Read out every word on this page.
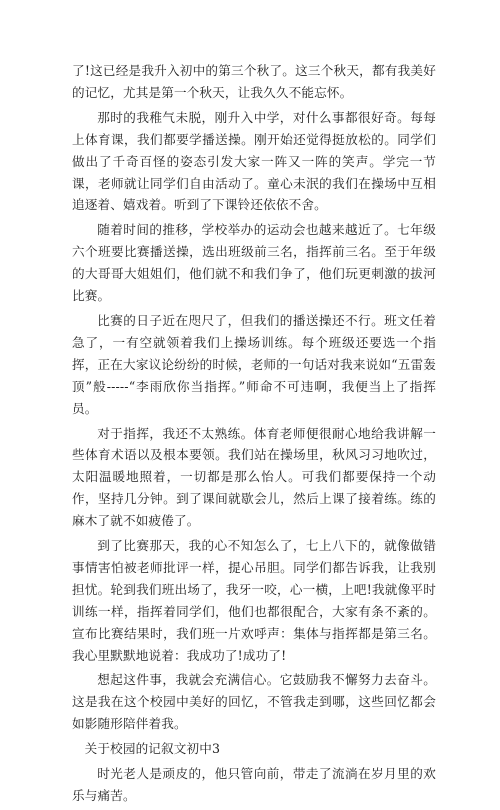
了!这已经是我升入初中的第三个秋了。这三个秋天，都有我美好的记忆，尤其是第一个秋天，让我久久不能忘怀。

那时的我稚气未脱，刚升入中学，对什么事都很好奇。每每上体育课，我们都要学播送操。刚开始还觉得挺放松的。同学们做出了千奇百怪的姿态引发大家一阵又一阵的笑声。学完一节课，老师就让同学们自由活动了。童心未泯的我们在操场中互相追逐着、嬉戏着。听到了下课铃还依依不舍。

随着时间的推移，学校举办的运动会也越来越近了。七年级六个班要比赛播送操，选出班级前三名，指挥前三名。至于年级的大哥哥大姐姐们，他们就不和我们争了，他们玩更刺激的拔河比赛。

比赛的日子近在咫尺了，但我们的播送操还不行。班文任着急了，一有空就领着我们上操场训练。每个班级还要选一个指挥，正在大家议论纷纷的时候，老师的一句话对我来说如“五雷轰顶”般-----“李雨欣你当指挥。”师命不可违啊，我便当上了指挥员。

对于指挥，我还不太熟练。体育老师便很耐心地给我讲解一些体育术语以及根本要领。我们站在操场里，秋风习习地吹过，太阳温暖地照着，一切都是那么怡人。可我们都要保持一个动作，坚持几分钟。到了课间就歇会儿，然后上课了接着练。练的麻木了就不如疲倦了。

到了比赛那天，我的心不知怎么了，七上八下的，就像做错事情害怕被老师批评一样，提心吊胆。同学们都告诉我，让我别担忧。轮到我们班出场了，我牙一咬，心一横，上吧!我就像平时训练一样，指挥着同学们，他们也都很配合，大家有条不紊的。宣布比赛结果时，我们班一片欢呼声：集体与指挥都是第三名。我心里默默地说着：我成功了!成功了!

想起这件事，我就会充满信心。它鼓励我不懈努力去奋斗。这是我在这个校园中美好的回忆，不管我走到哪，这些回忆都会如影随形陪伴着我。

关于校园的记叙文初中3

时光老人是顽皮的，他只管向前，带走了流淌在岁月里的欢乐与痛苦。
